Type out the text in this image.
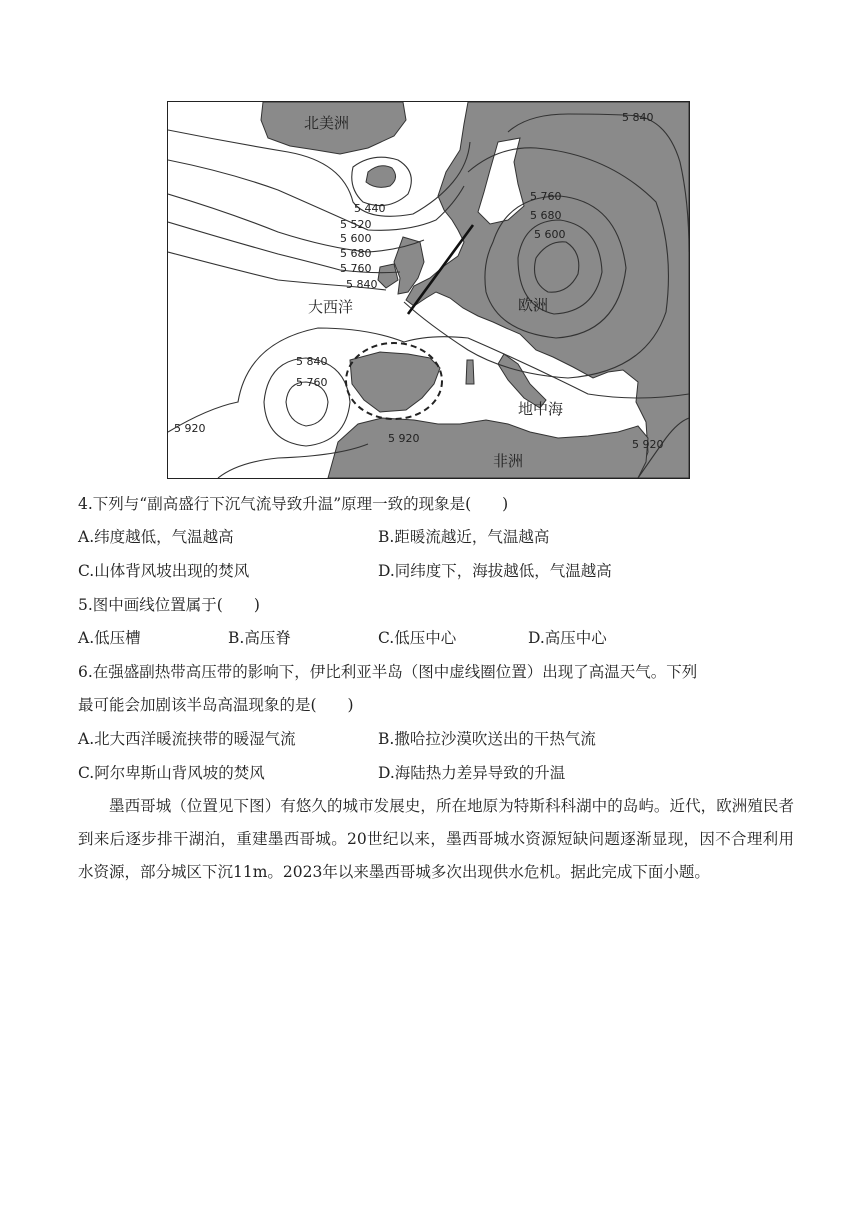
北美洲
欧洲
大西洋
地中海
非洲
5 840
5 440
5 520
5 600
5 680
5 760
5 840
5 760
5 680
5 600
5 840
5 760
5 920
5 920	5 920
4.下列与“副高盛行下沉气流导致升温”原理一致的现象是(　　)
A.纬度越低，气温越高	B.距暖流越近，气温越高
C.山体背风坡出现的焚风	D.同纬度下，海拔越低，气温越高
5.图中画线位置属于(　　)
A.低压槽	B.高压脊	C.低压中心	D.高压中心
6.在强盛副热带高压带的影响下，伊比利亚半岛（图中虚线圈位置）出现了高温天气。下列
最可能会加剧该半岛高温现象的是(　　)
A.北大西洋暖流挟带的暖湿气流	B.撒哈拉沙漠吹送出的干热气流
C.阿尔卑斯山背风坡的焚风	D.海陆热力差异导致的升温

墨西哥城（位置见下图）有悠久的城市发展史，所在地原为特斯科科湖中的岛屿。近代，欧洲殖民者到来后逐步排干湖泊，重建墨西哥城。20世纪以来，墨西哥城水资源短缺问题逐渐显现，因不合理利用水资源，部分城区下沉11m。2023年以来墨西哥城多次出现供水危机。据此完成下面小题。
